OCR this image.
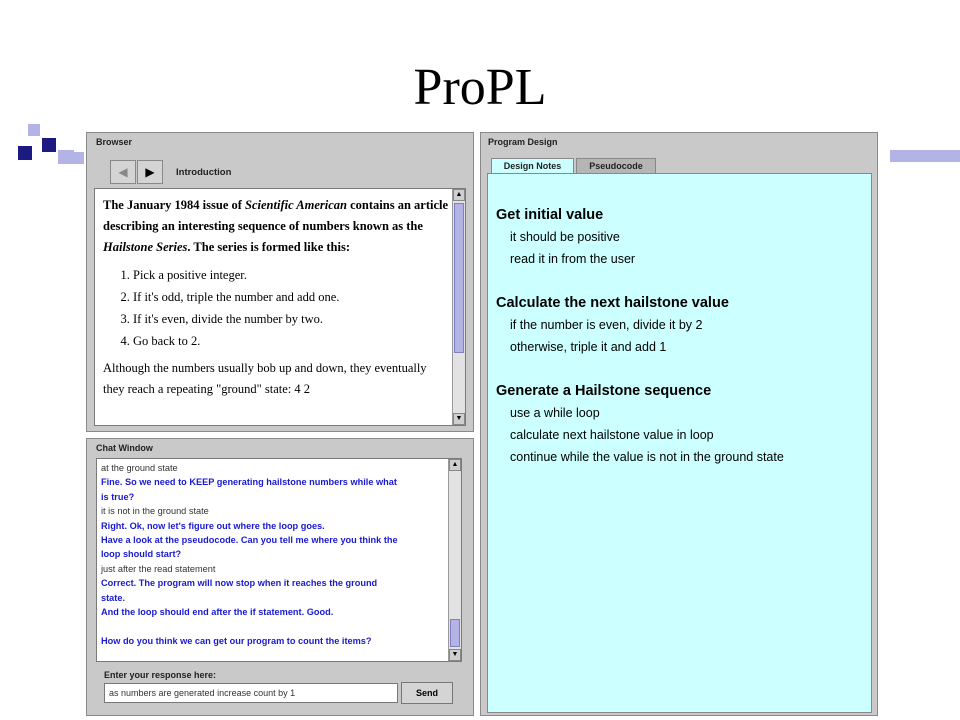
ProPL
Browser
◀ ▶ Introduction
The January 1984 issue of Scientific American contains an article describing an interesting sequence of numbers known as the Hailstone Series. The series is formed like this:
1. Pick a positive integer.
2. If it's odd, triple the number and add one.
3. If it's even, divide the number by two.
4. Go back to 2.
Although the numbers usually bob up and down, they eventually they reach a repeating "ground" state: 4 2
▲
▼
Chat Window
at the ground state
Fine. So we need to KEEP generating hailstone numbers while what
is true?
it is not in the ground state
Right. Ok, now let's figure out where the loop goes.
Have a look at the pseudocode. Can you tell me where you think the
loop should start?
just after the read statement
Correct. The program will now stop when it reaches the ground
state.
And the loop should end after the if statement. Good.

How do you think we can get our program to count the items?
▲
▼
Enter your response here:
as numbers are generated increase count by 1	Send
Program Design
Design Notes	Pseudocode
Get initial value
it should be positive
read it in from the user
Calculate the next hailstone value
if the number is even, divide it by 2
otherwise, triple it and add 1
Generate a Hailstone sequence
use a while loop
calculate next hailstone value in loop
continue while the value is not in the ground state
